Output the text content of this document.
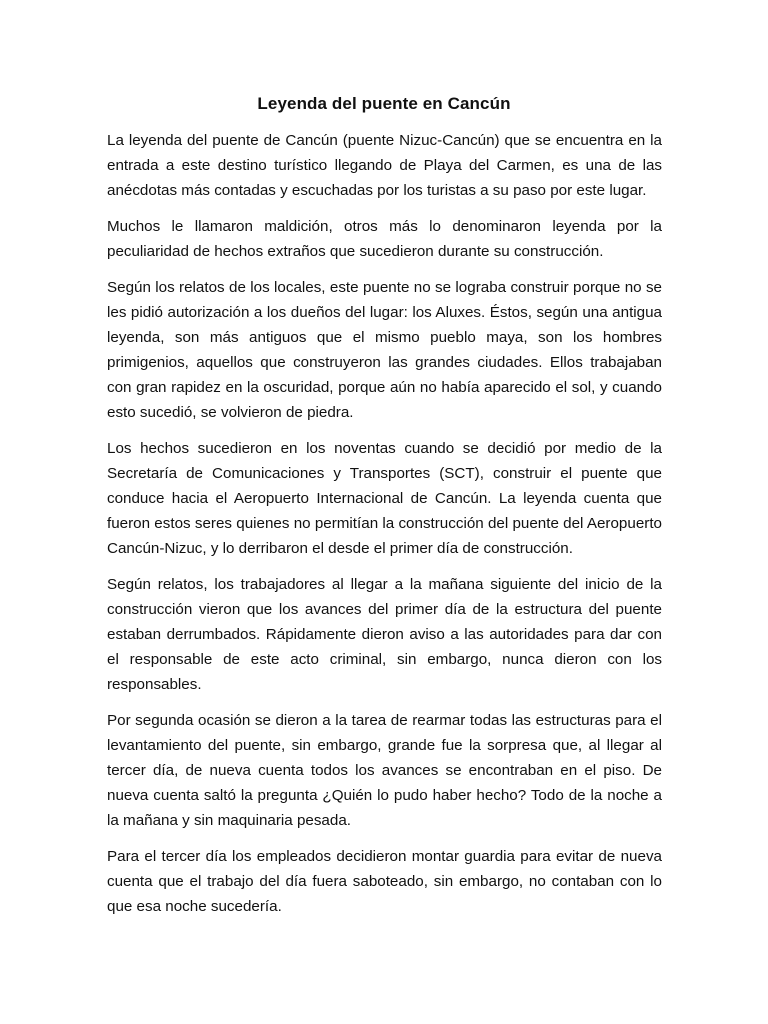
Leyenda del puente en Cancún

La leyenda del puente de Cancún (puente Nizuc-Cancún) que se encuentra en la entrada a este destino turístico llegando de Playa del Carmen, es una de las anécdotas más contadas y escuchadas por los turistas a su paso por este lugar.

Muchos le llamaron maldición, otros más lo denominaron leyenda por la peculiaridad de hechos extraños que sucedieron durante su construcción.

Según los relatos de los locales, este puente no se lograba construir porque no se les pidió autorización a los dueños del lugar: los Aluxes. Éstos, según una antigua leyenda, son más antiguos que el mismo pueblo maya, son los hombres primigenios, aquellos que construyeron las grandes ciudades. Ellos trabajaban con gran rapidez en la oscuridad, porque aún no había aparecido el sol, y cuando esto sucedió, se volvieron de piedra.

Los hechos sucedieron en los noventas cuando se decidió por medio de la Secretaría de Comunicaciones y Transportes (SCT), construir el puente que conduce hacia el Aeropuerto Internacional de Cancún. La leyenda cuenta que fueron estos seres quienes no permitían la construcción del puente del Aeropuerto Cancún-Nizuc, y lo derribaron el desde el primer día de construcción.

Según relatos, los trabajadores al llegar a la mañana siguiente del inicio de la construcción vieron que los avances del primer día de la estructura del puente estaban derrumbados. Rápidamente dieron aviso a las autoridades para dar con el responsable de este acto criminal, sin embargo, nunca dieron con los responsables.

Por segunda ocasión se dieron a la tarea de rearmar todas las estructuras para el levantamiento del puente, sin embargo, grande fue la sorpresa que, al llegar al tercer día, de nueva cuenta todos los avances se encontraban en el piso. De nueva cuenta saltó la pregunta ¿Quién lo pudo haber hecho? Todo de la noche a la mañana y sin maquinaria pesada.

Para el tercer día los empleados decidieron montar guardia para evitar de nueva cuenta que el trabajo del día fuera saboteado, sin embargo, no contaban con lo que esa noche sucedería.
